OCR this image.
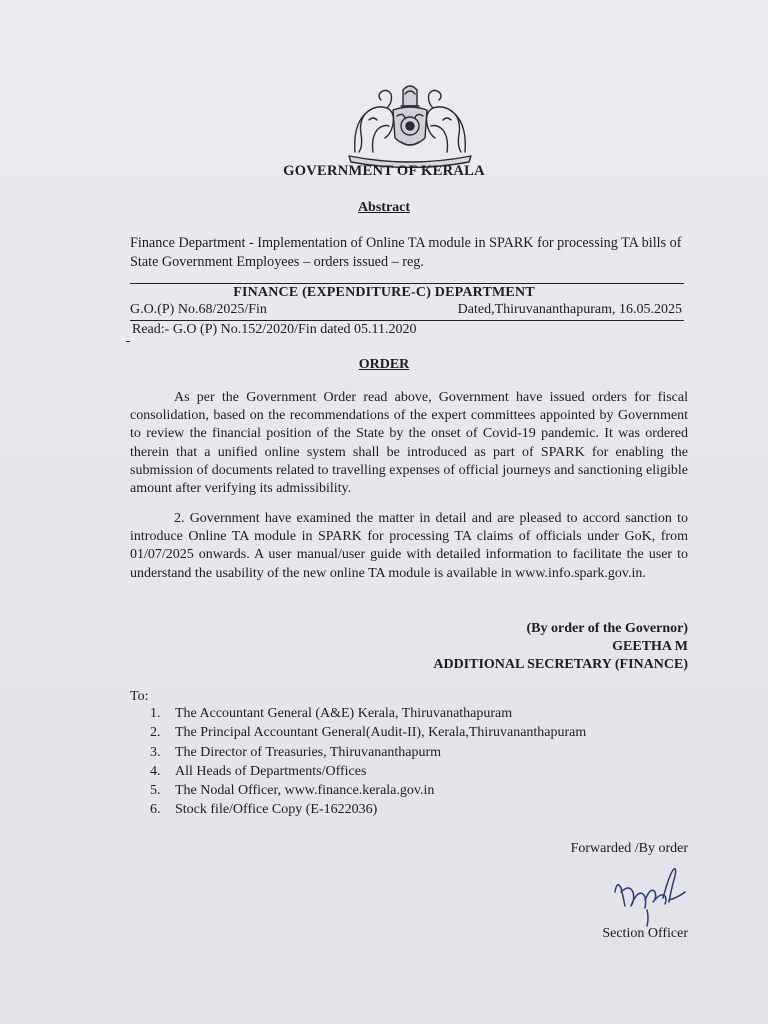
GOVERNMENT OF KERALA
Abstract
Finance Department - Implementation of Online TA module in SPARK for processing TA bills of State Government Employees – orders issued – reg.
FINANCE (EXPENDITURE-C) DEPARTMENT
G.O.(P) No.68/2025/Fin	Dated,Thiruvananthapuram, 16.05.2025
Read:- G.O (P) No.152/2020/Fin dated 05.11.2020
ORDER
As per the Government Order read above, Government have issued orders for fiscal consolidation, based on the recommendations of the expert committees appointed by Government to review the financial position of the State by the onset of Covid-19 pandemic. It was ordered therein that a unified online system shall be introduced as part of SPARK for enabling the submission of documents related to travelling expenses of official journeys and sanctioning eligible amount after verifying its admissibility.
2. Government have examined the matter in detail and are pleased to accord sanction to introduce Online TA module in SPARK for processing TA claims of officials under GoK, from 01/07/2025 onwards. A user manual/user guide with detailed information to facilitate the user to understand the usability of the new online TA module is available in www.info.spark.gov.in.
(By order of the Governor)
GEETHA M
ADDITIONAL SECRETARY (FINANCE)
To:
1. The Accountant General (A&E) Kerala, Thiruvanathapuram
2. The Principal Accountant General(Audit-II), Kerala,Thiruvananthapuram
3. The Director of Treasuries, Thiruvananthapurm
4. All Heads of Departments/Offices
5. The Nodal Officer, www.finance.kerala.gov.in
6. Stock file/Office Copy (E-1622036)
Forwarded /By order
Section Officer
